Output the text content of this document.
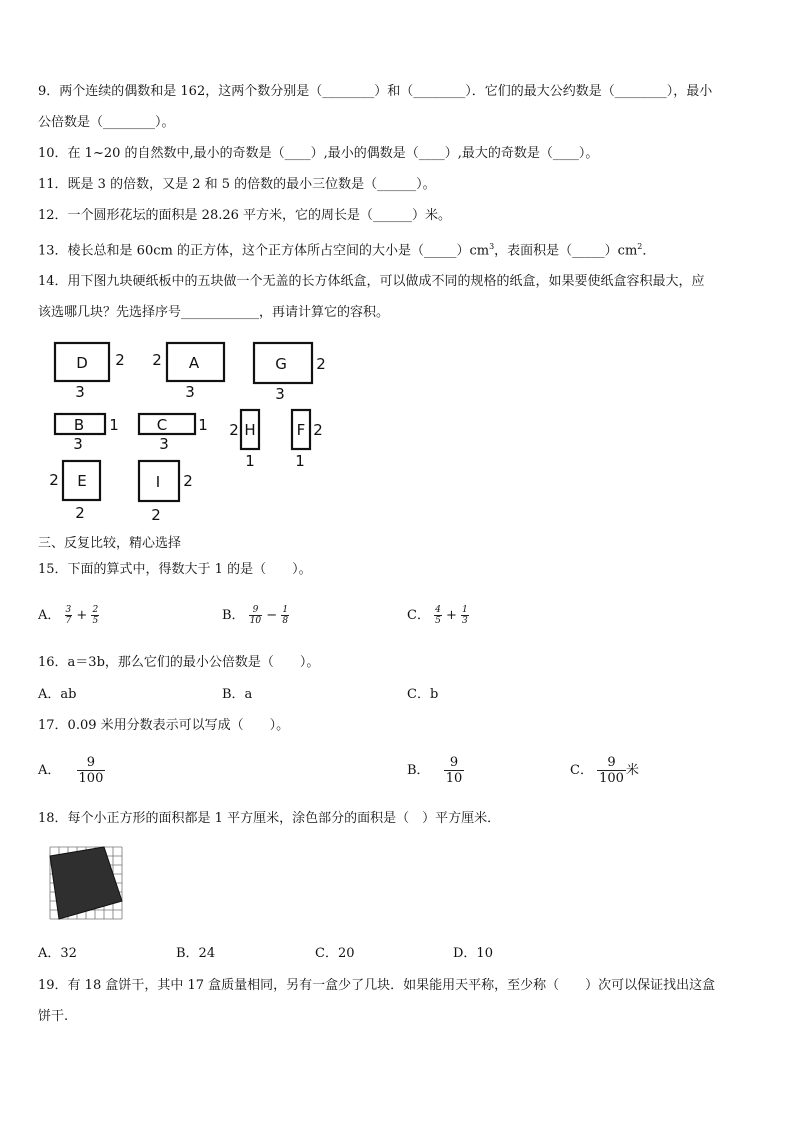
9．两个连续的偶数和是 162，这两个数分别是（________）和（________）．它们的最大公约数是（________），最小
公倍数是（________）。
10．在 1~20 的自然数中,最小的奇数是（____）,最小的偶数是（____）,最大的奇数是（____）。
11．既是 3 的倍数，又是 2 和 5 的倍数的最小三位数是（______）。
12．一个圆形花坛的面积是 28.26 平方米，它的周长是（______）米。
13．棱长总和是 60cm 的正方体，这个正方体所占空间的大小是$(\_\_\_\_\_)cm^3$，表面积是$(\_\_\_\_\_)cm^2$．
14．用下图九块硬纸板中的五块做一个无盖的长方体纸盒，可以做成不同的规格的纸盒，如果要使纸盒容积最大，应
该选哪几块？先选择序号____________，再请计算它的容积。
D 2
3
A
2
3
G 2
3
B 1
3
C 1
3
H
2
1
F 2
1
E
2
2
I 2
2
三、反复比较，精心选择
15．下面的算式中，得数大于 1 的是（　　）。
A． $\frac{3}{7} + \frac{2}{5}$	B． $\frac{9}{10} - \frac{1}{8}$	C． $\frac{4}{5} + \frac{1}{3}$
16．a＝3b，那么它们的最小公倍数是（　　）。
A．ab	B．a	C．b
17．0.09 米用分数表示可以写成（　　）。
A． $\frac{9}{100}$	B． $\frac{9}{10}$	C． $\frac{9}{100}$ 米
18．每个小正方形的面积都是 1 平方厘米，涂色部分的面积是（　）平方厘米．
A．32	B．24	C．20	D．10
19．有 18 盒饼干，其中 17 盒质量相同，另有一盒少了几块．如果能用天平称，至少称（　　）次可以保证找出这盒
饼干.
